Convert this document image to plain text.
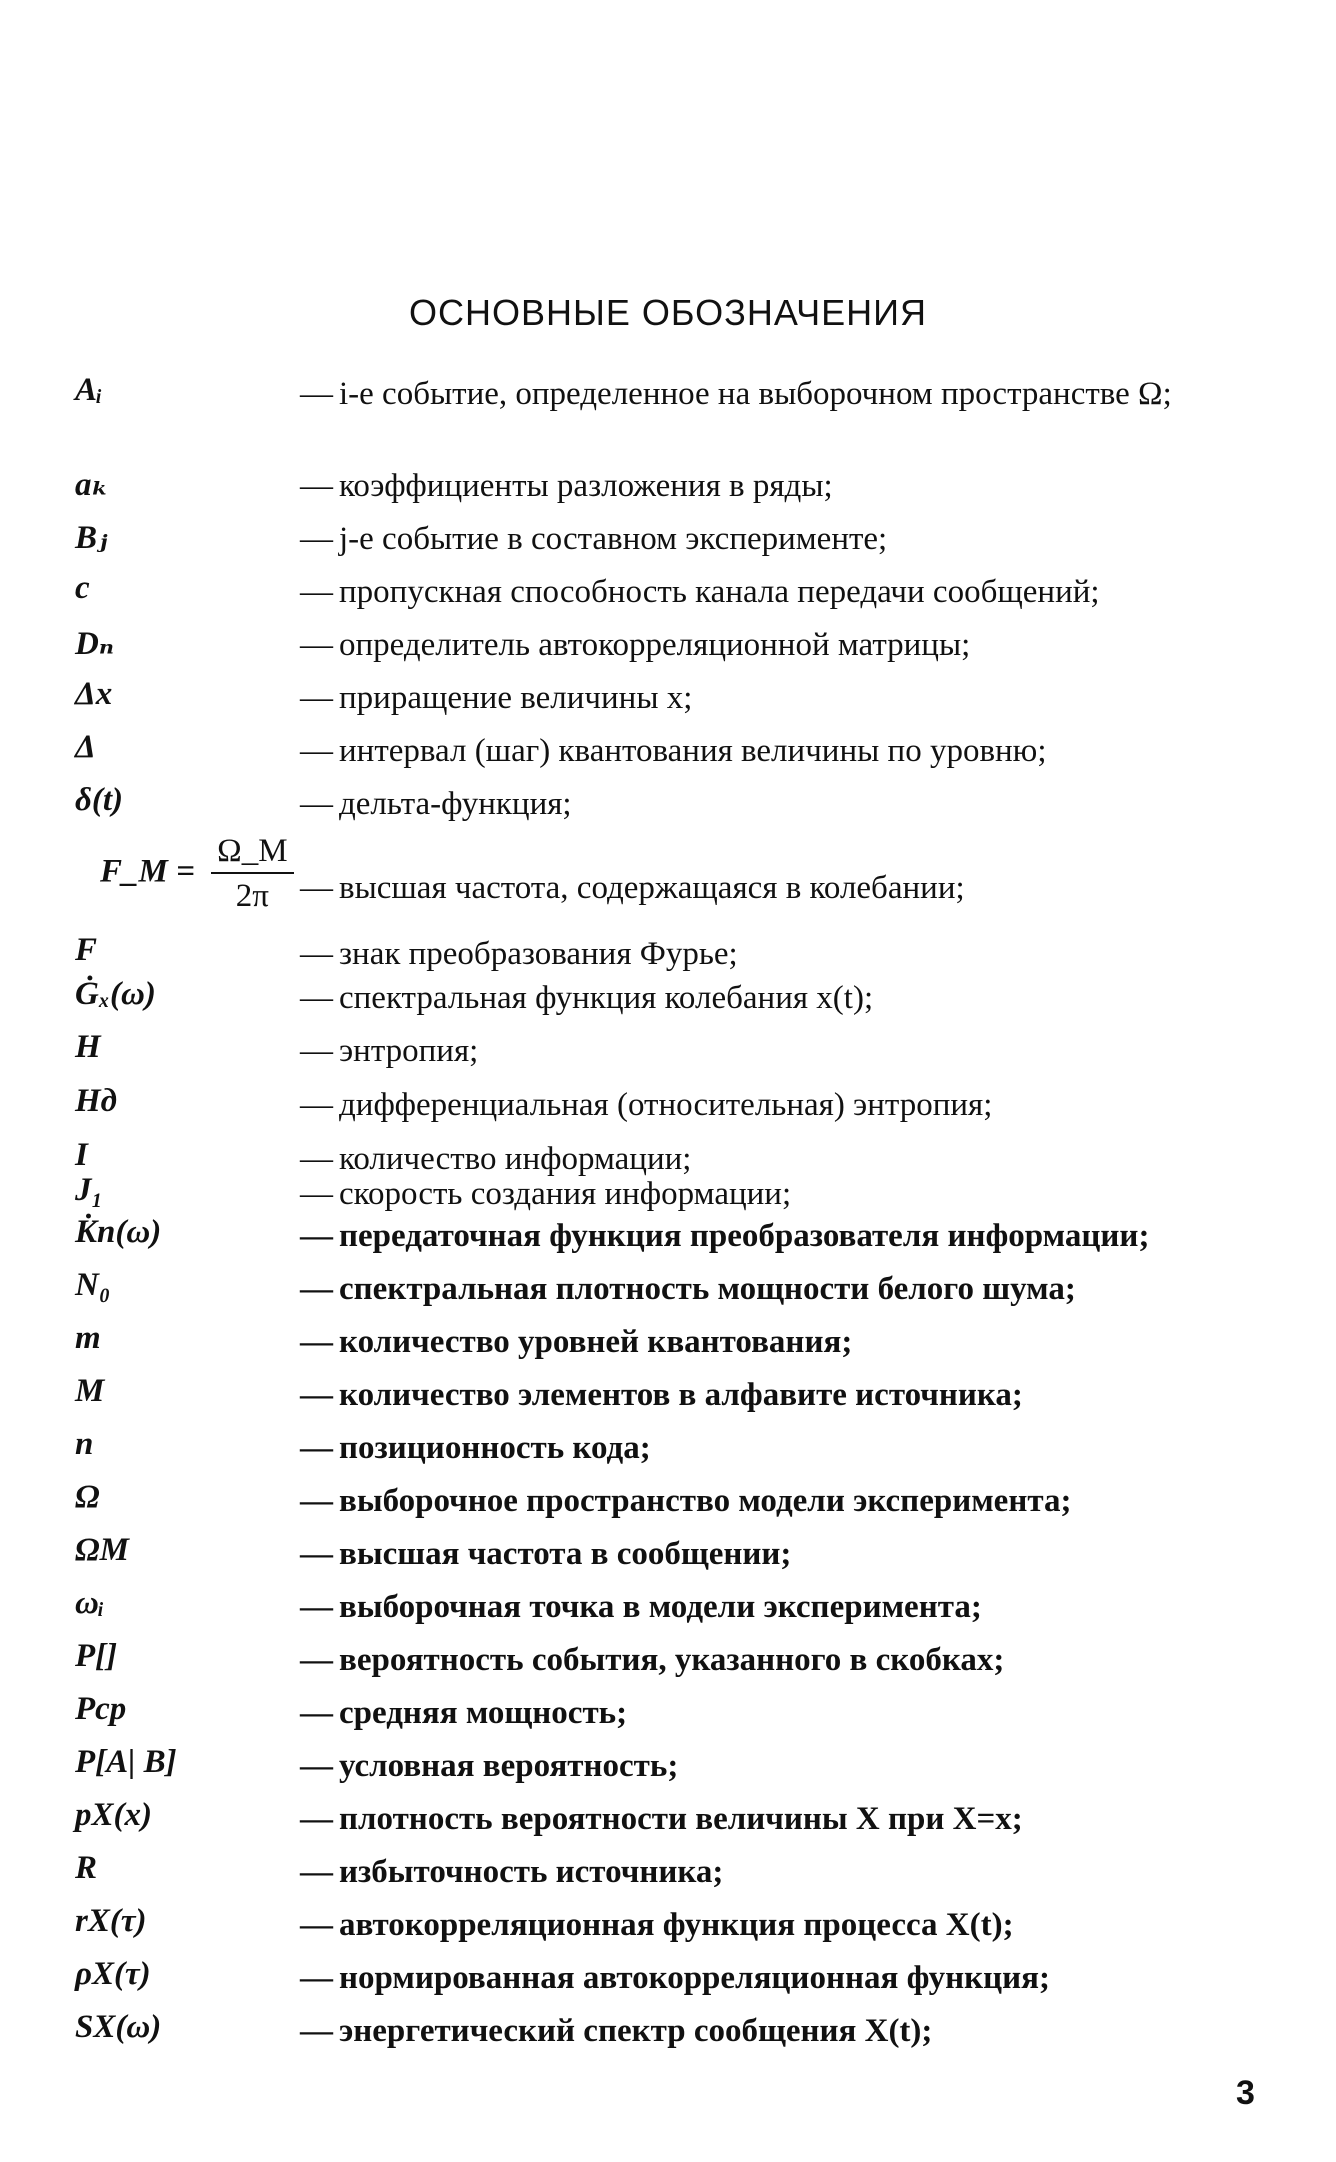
ОСНОВНЫЕ ОБОЗНАЧЕНИЯ
Aᵢ	— i-е событие, определенное на выборочном пространстве Ω;
aₖ	— коэффициенты разложения в ряды;
Bⱼ	— j-е событие в составном эксперименте;
c	— пропускная способность канала передачи сообщений;
Dₙ	— определитель автокорреляционной матрицы;
Δx	— приращение величины x;
Δ	— интервал (шаг) квантования величины по уровню;
δ(t)	— дельта-функция;
F_M = $\frac{\Omega\_M}{2\pi}$ — высшая частота, содержащаяся в колебании;
F	— знак преобразования Фурье;
Ġₓ(ω)	— спектральная функция колебания x(t);
H	— энтропия;
Hд	— дифференциальная (относительная) энтропия;
I	— количество информации;
J₁	— скорость создания информации;
K̇п(ω)	— передаточная функция преобразователя информации;
N₀	— спектральная плотность мощности белого шума;
m	— количество уровней квантования;
M	— количество элементов в алфавите источника;
n	— позиционность кода;
Ω	— выборочное пространство модели эксперимента;
ΩM	— высшая частота в сообщении;
ωᵢ	— выборочная точка в модели эксперимента;
P[]	— вероятность события, указанного в скобках;
Pср	— средняя мощность;
P[A| B]	— условная вероятность;
pX(x)	— плотность вероятности величины X при X=x;
R	— избыточность источника;
rX(τ)	— автокорреляционная функция процесса X(t);
ρX(τ)	— нормированная автокорреляционная функция;
SX(ω)	— энергетический спектр сообщения X(t);
3
